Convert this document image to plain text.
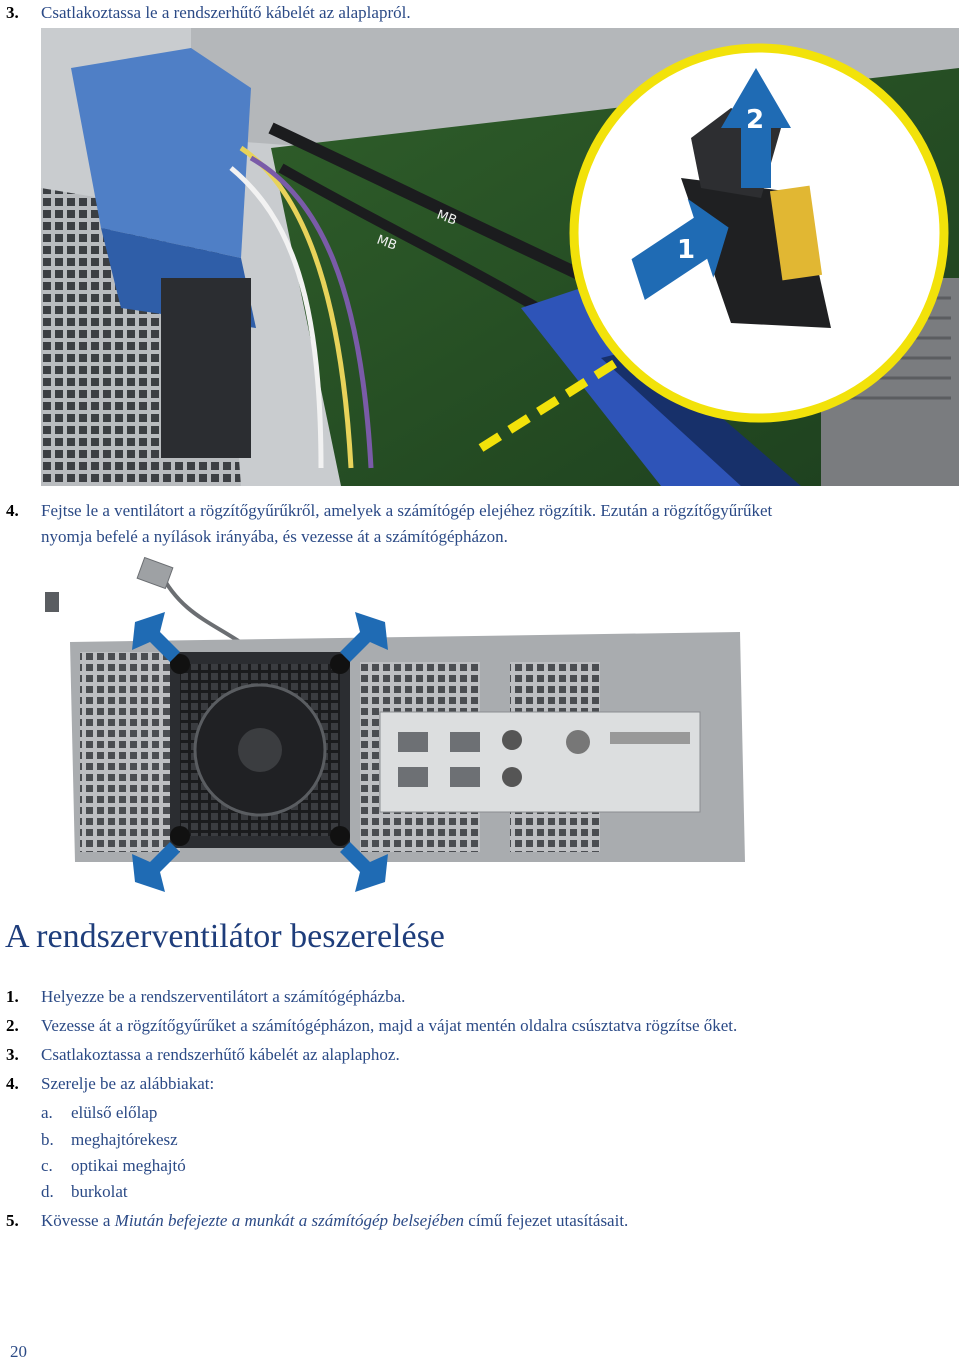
3. Csatlakoztassa le a rendszerhűtő kábelét az alaplapról.
MB
MB	1
2
4. Fejtse le a ventilátort a rögzítőgyűrűkről, amelyek a számítógép elejéhez rögzítik. Ezután a rögzítőgyűrűket
nyomja befelé a nyílások irányába, és vezesse át a számítógépházon.
A rendszerventilátor beszerelése
1. Helyezze be a rendszerventilátort a számítógépházba.
2. Vezesse át a rögzítőgyűrűket a számítógépházon, majd a vájat mentén oldalra csúsztatva rögzítse őket.
3. Csatlakoztassa a rendszerhűtő kábelét az alaplaphoz.
4. Szerelje be az alábbiakat:
a. elülső előlap
b. meghajtórekesz
c. optikai meghajtó
d. burkolat
5. Kövesse a Miután befejezte a munkát a számítógép belsejében című fejezet utasításait.
20
